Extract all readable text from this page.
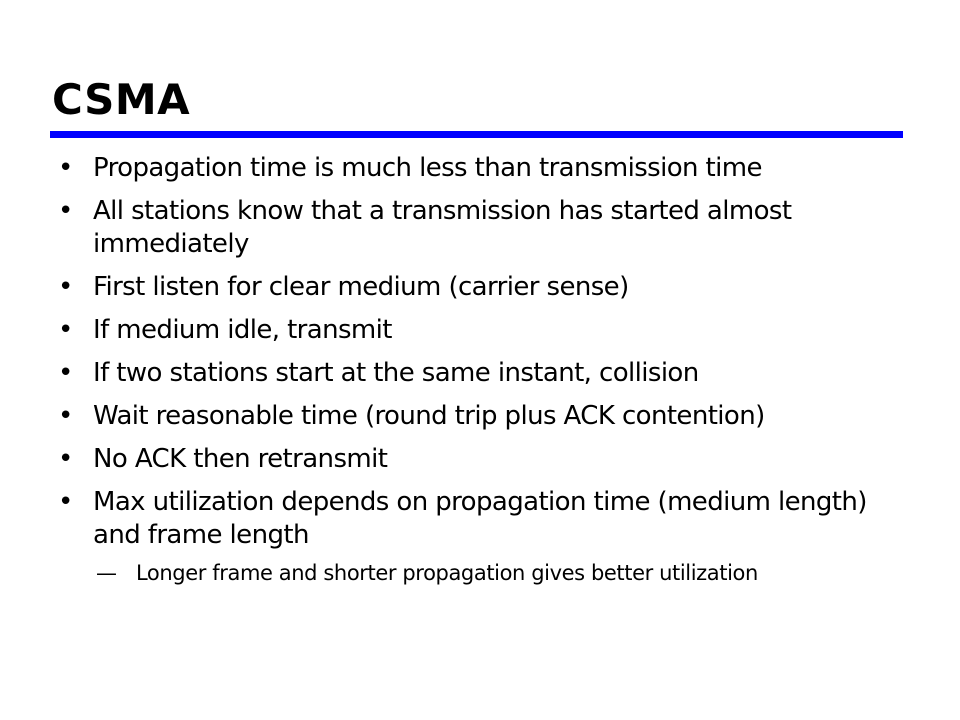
CSMA
• Propagation time is much less than transmission time
• All stations know that a transmission has started almost immediately
• First listen for clear medium (carrier sense)
• If medium idle, transmit
• If two stations start at the same instant, collision
• Wait reasonable time (round trip plus ACK contention)
• No ACK then retransmit
• Max utilization depends on propagation time (medium length) and frame length
— Longer frame and shorter propagation gives better utilization
